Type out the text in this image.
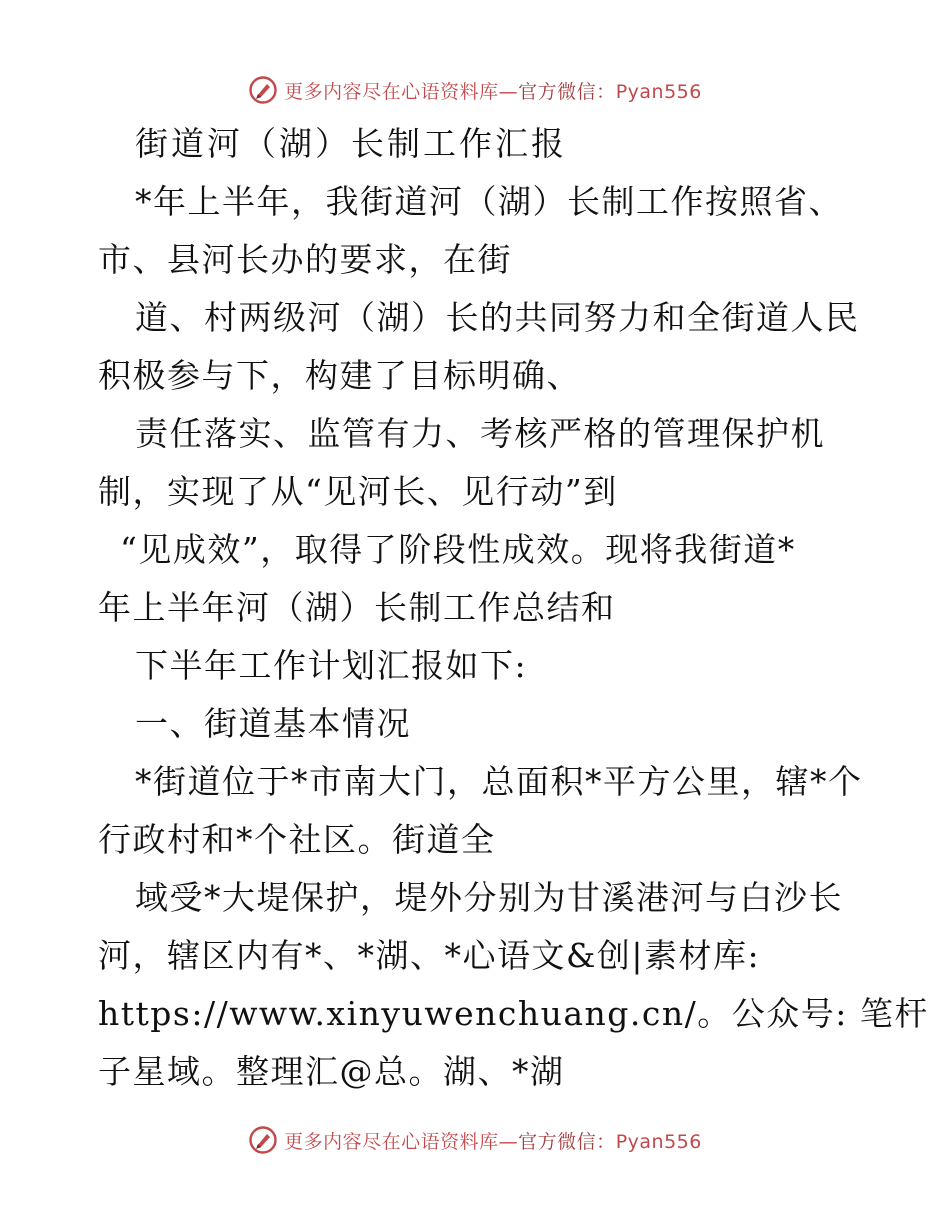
更多内容尽在心语资料库—官方微信：Pyan556
街道河（湖）长制工作汇报
*年上半年，我街道河（湖）长制工作按照省、
市、县河长办的要求，在街
道、村两级河（湖）长的共同努力和全街道人民
积极参与下，构建了目标明确、
责任落实、监管有力、考核严格的管理保护机
制，实现了从“见河长、见行动”到
“见成效”，取得了阶段性成效。现将我街道*
年上半年河（湖）长制工作总结和
下半年工作计划汇报如下:
一、街道基本情况
*街道位于*市南大门，总面积*平方公里，辖*个
行政村和*个社区。街道全
域受*大堤保护，堤外分别为甘溪港河与白沙长
河，辖区内有*、*湖、*心语文&创|素材库:
https://www.xinyuwenchuang.cn/。公众号: 笔杆
子星域。整理汇@总。湖、*湖
更多内容尽在心语资料库—官方微信：Pyan556
